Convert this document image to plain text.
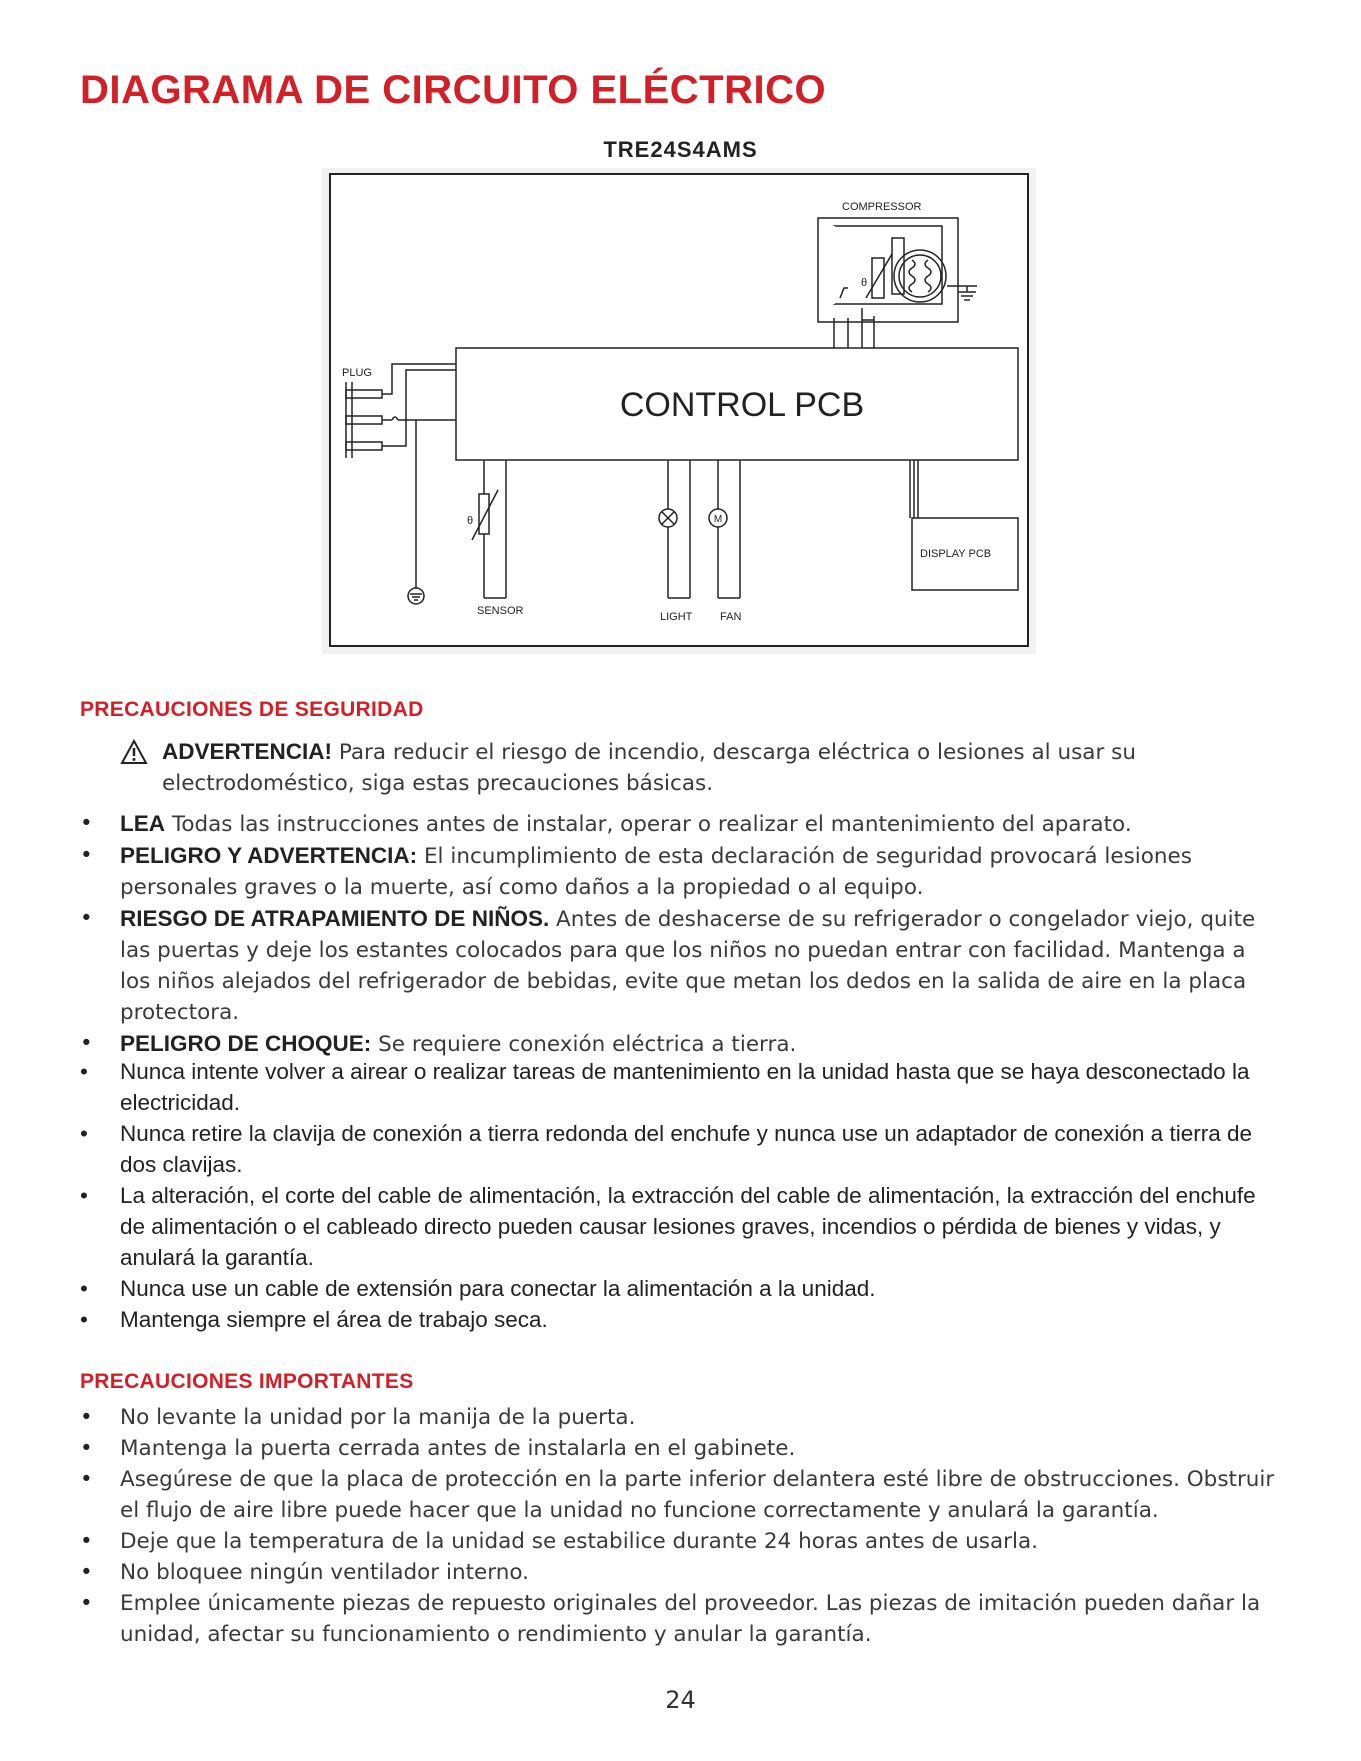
DIAGRAMA DE CIRCUITO ELÉCTRICO
TRE24S4AMS
COMPRESSOR
θ
CONTROL PCB
PLUG
θ
SENSOR	LIGHT
M
FAN
DISPLAY PCB
PRECAUCIONES DE SEGURIDAD
ADVERTENCIA! Para reducir el riesgo de incendio, descarga eléctrica o lesiones al usar su electrodoméstico, siga estas precauciones básicas.
• LEA Todas las instrucciones antes de instalar, operar o realizar el mantenimiento del aparato.
• PELIGRO Y ADVERTENCIA: El incumplimiento de esta declaración de seguridad provocará lesiones personales graves o la muerte, así como daños a la propiedad o al equipo.
• RIESGO DE ATRAPAMIENTO DE NIÑOS. Antes de deshacerse de su refrigerador o congelador viejo, quite las puertas y deje los estantes colocados para que los niños no puedan entrar con facilidad. Mantenga a los niños alejados del refrigerador de bebidas, evite que metan los dedos en la salida de aire en la placa protectora.
• PELIGRO DE CHOQUE: Se requiere conexión eléctrica a tierra.
• Nunca intente volver a airear o realizar tareas de mantenimiento en la unidad hasta que se haya desconectado la electricidad.
• Nunca retire la clavija de conexión a tierra redonda del enchufe y nunca use un adaptador de conexión a tierra de dos clavijas.
• La alteración, el corte del cable de alimentación, la extracción del cable de alimentación, la extracción del enchufe de alimentación o el cableado directo pueden causar lesiones graves, incendios o pérdida de bienes y vidas, y anulará la garantía.
• Nunca use un cable de extensión para conectar la alimentación a la unidad.
• Mantenga siempre el área de trabajo seca.
PRECAUCIONES IMPORTANTES
• No levante la unidad por la manija de la puerta.
• Mantenga la puerta cerrada antes de instalarla en el gabinete.
• Asegúrese de que la placa de protección en la parte inferior delantera esté libre de obstrucciones. Obstruir el flujo de aire libre puede hacer que la unidad no funcione correctamente y anulará la garantía.
• Deje que la temperatura de la unidad se estabilice durante 24 horas antes de usarla.
• No bloquee ningún ventilador interno.
• Emplee únicamente piezas de repuesto originales del proveedor. Las piezas de imitación pueden dañar la unidad, afectar su funcionamiento o rendimiento y anular la garantía.
24
